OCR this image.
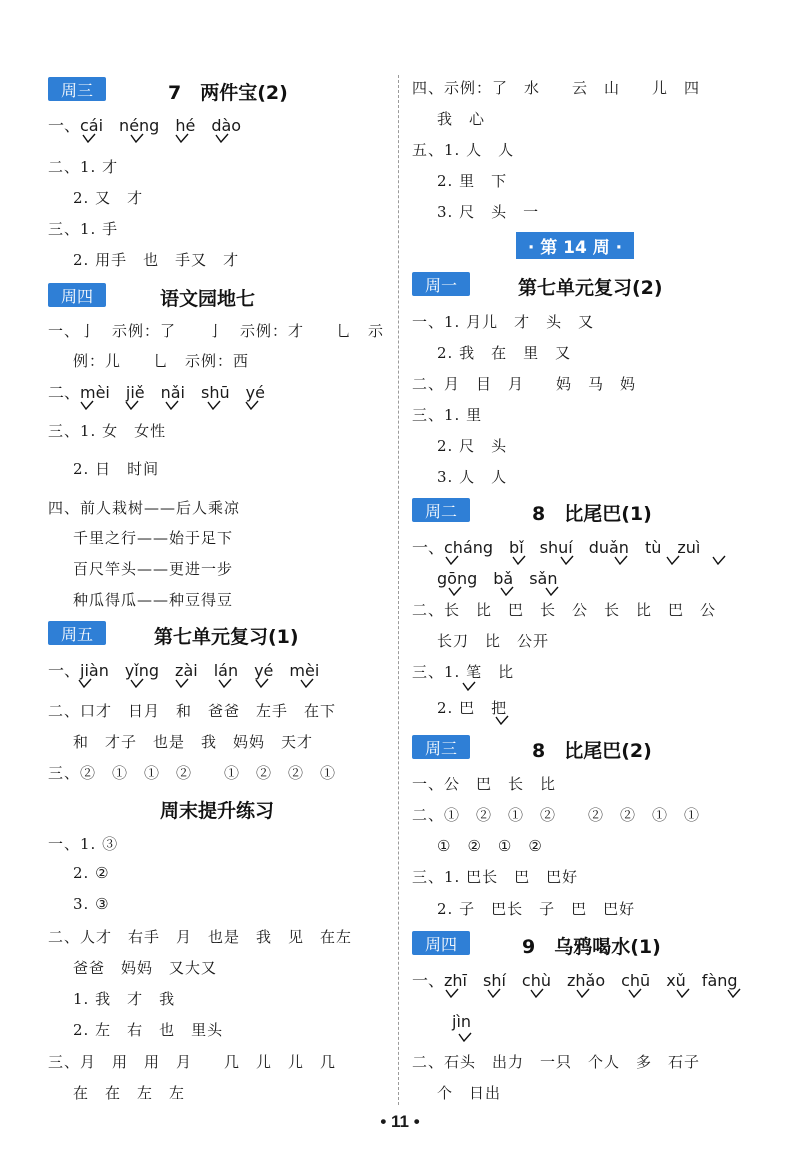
周三	7　两件宝(2)
一、cái　néng　hé　dào
二、1. 才
2. 又　才
三、1. 手
2. 用手　也　手又　才
周四	语文园地七
一、亅　示例：了　　亅　示例：才　　乚　示
例：儿　　乚　示例：西
二、mèi　jiě　nǎi　shū　yé
三、1. 女　女性
2. 日　时间
四、前人栽树——后人乘凉
千里之行——始于足下
百尺竿头——更进一步
种瓜得瓜——种豆得豆
周五	第七单元复习(1)
一、jiàn　yǐng　zài　lán　yé　mèi
二、口才　日月　和　爸爸　左手　在下
和　才子　也是　我　妈妈　天才
三、②　①　①　②　　①　②　②　①
周末提升练习
一、1. ③
2. ②
3. ③
二、人才　右手　月　也是　我　见　在左
爸爸　妈妈　又大又
1. 我　才　我
2. 左　右　也　里头
三、月　用　用　月　　几　儿　儿　几
在　在　左　左
四、示例：了　水　　云　山　　儿　四
我　心
五、1. 人　人
2. 里　下
3. 尺　头　一
· 第 14 周 ·
周一	第七单元复习(2)
一、1. 月儿　才　头　又
2. 我　在　里　又
二、月　目　月　　妈　马　妈
三、1. 里
2. 尺　头
3. 人　人
周二	8　比尾巴(1)
一、cháng　bǐ　shuí　duǎn　tù　zuì
gōng　bǎ　sǎn
二、长　比　巴　长　公　长　比　巴　公
长刀　比　公开
三、1. 笔　比
2. 巴　把
周三	8　比尾巴(2)
一、公　巴　长　比
二、①　②　①　②　　②　②　①　①
①　②　①　②
三、1. 巴长　巴　巴好
2. 子　巴长　子　巴　巴好
周四	9　乌鸦喝水(1)
一、zhī　shí　chù　zhǎo　chū　xǔ　fàng
jìn
二、石头　出力　一只　个人　多　石子
个　日出
• 11 •
